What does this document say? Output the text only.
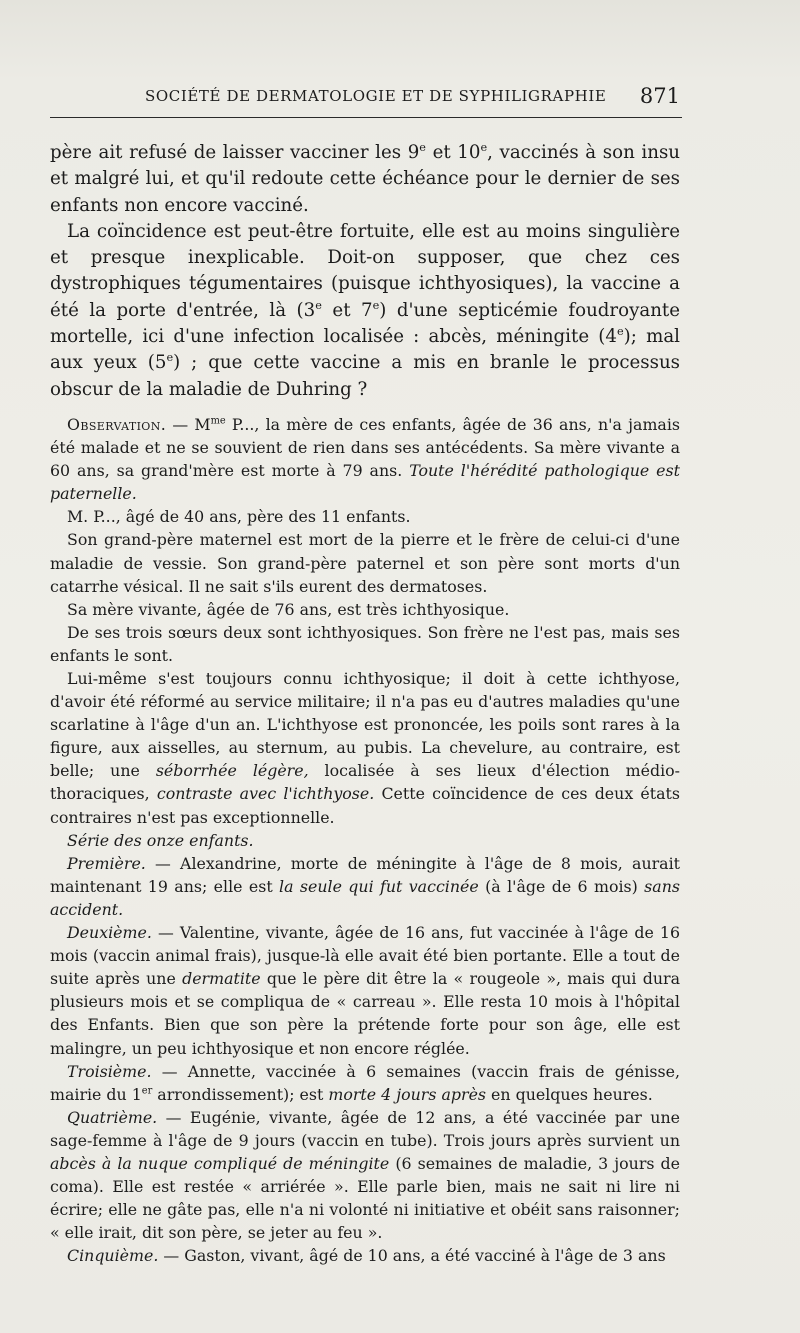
SOCIÉTÉ DE DERMATOLOGIE ET DE SYPHILIGRAPHIE 871

père ait refusé de laisser vacciner les 9e et 10e, vaccinés à son insu et malgré lui, et qu'il redoute cette échéance pour le dernier de ses enfants non encore vacciné.

La coïncidence est peut-être fortuite, elle est au moins singulière et presque inexplicable. Doit-on supposer, que chez ces dystrophiques tégumentaires (puisque ichthyosiques), la vaccine a été la porte d'entrée, là (3e et 7e) d'une septicémie foudroyante mortelle, ici d'une infection localisée : abcès, méningite (4e); mal aux yeux (5e) ; que cette vaccine a mis en branle le processus obscur de la maladie de Duhring ?

Observation. — $M^{me}$ P..., la mère de ces enfants, âgée de 36 ans, n'a jamais été malade et ne se souvient de rien dans ses antécédents. Sa mère vivante a 60 ans, sa grand'mère est morte à 79 ans. Toute l'hérédité pathologique est paternelle.

M. P..., âgé de 40 ans, père des 11 enfants.

Son grand-père maternel est mort de la pierre et le frère de celui-ci d'une maladie de vessie. Son grand-père paternel et son père sont morts d'un catarrhe vésical. Il ne sait s'ils eurent des dermatoses.

Sa mère vivante, âgée de 76 ans, est très ichthyosique.

De ses trois sœurs deux sont ichthyosiques. Son frère ne l'est pas, mais ses enfants le sont.

Lui-même s'est toujours connu ichthyosique; il doit à cette ichthyose, d'avoir été réformé au service militaire; il n'a pas eu d'autres maladies qu'une scarlatine à l'âge d'un an. L'ichthyose est prononcée, les poils sont rares à la figure, aux aisselles, au sternum, au pubis. La chevelure, au contraire, est belle; une séborrhée légère, localisée à ses lieux d'élection médio-thoraciques, contraste avec l'ichthyose. Cette coïncidence de ces deux états contraires n'est pas exceptionnelle.

Série des onze enfants.

Première. — Alexandrine, morte de méningite à l'âge de 8 mois, aurait maintenant 19 ans; elle est la seule qui fut vaccinée (à l'âge de 6 mois) sans accident.

Deuxième. — Valentine, vivante, âgée de 16 ans, fut vaccinée à l'âge de 16 mois (vaccin animal frais), jusque-là elle avait été bien portante. Elle a tout de suite après une dermatite que le père dit être la « rougeole », mais qui dura plusieurs mois et se compliqua de « carreau ». Elle resta 10 mois à l'hôpital des Enfants. Bien que son père la prétende forte pour son âge, elle est malingre, un peu ichthyosique et non encore réglée.

Troisième. — Annette, vaccinée à 6 semaines (vaccin frais de génisse, mairie du 1er arrondissement); est morte 4 jours après en quelques heures.

Quatrième. — Eugénie, vivante, âgée de 12 ans, a été vaccinée par une sage-femme à l'âge de 9 jours (vaccin en tube). Trois jours après survient un abcès à la nuque compliqué de méningite (6 semaines de maladie, 3 jours de coma). Elle est restée « arriérée ». Elle parle bien, mais ne sait ni lire ni écrire; elle ne gâte pas, elle n'a ni volonté ni initiative et obéit sans raisonner; « elle irait, dit son père, se jeter au feu ».

Cinquième. — Gaston, vivant, âgé de 10 ans, a été vacciné à l'âge de 3 ans
